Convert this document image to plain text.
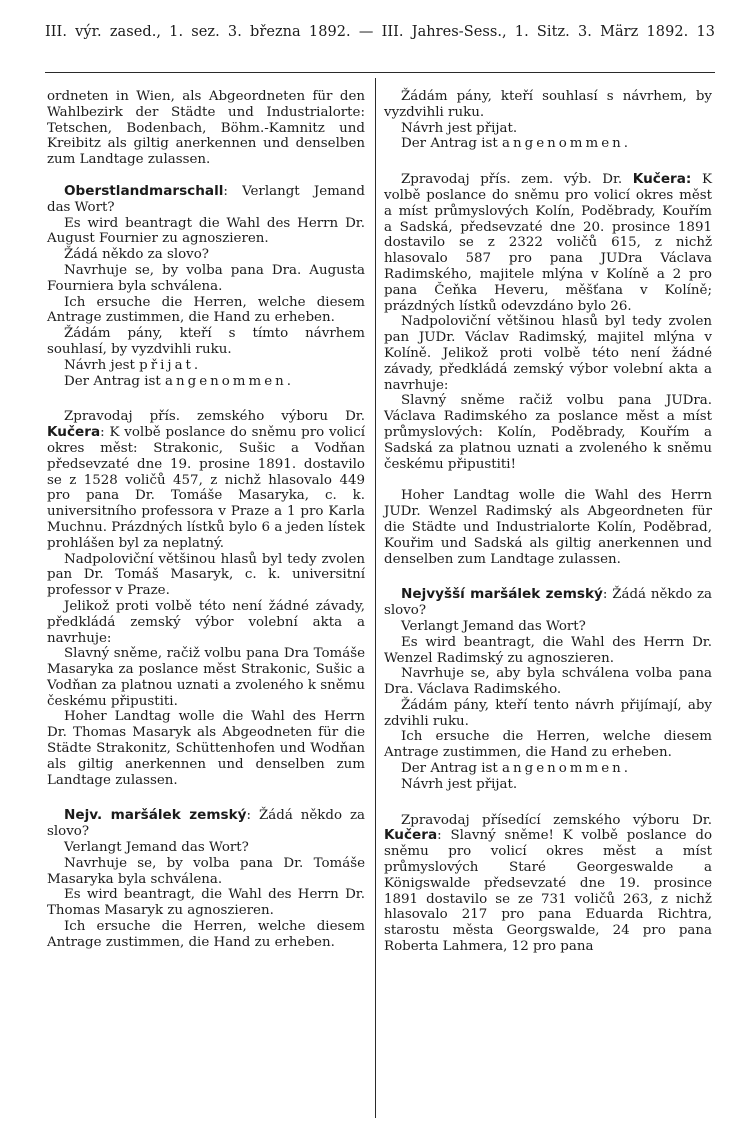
III. výr. zased., 1. sez. 3. března 1892. — III. Jahres-Sess., 1. Sitz. 3. März 1892. 13

ordneten in Wien, als Abgeordneten für den Wahlbezirk der Städte und Industrialorte: Tetschen, Bodenbach, Böhm.-Kamnitz und Kreibitz als giltig anerkennen und denselben zum Landtage zulassen.

Oberstlandmarschall: Verlangt Jemand das Wort?

Es wird beantragt die Wahl des Herrn Dr. August Fournier zu agnoszieren.

Žádá někdo za slovo?

Navrhuje se, by volba pana Dra. Augusta Fourniera byla schválena.

Ich ersuche die Herren, welche diesem Antrage zustimmen, die Hand zu erheben.

Žádám pány, kteří s tímto návrhem souhlasí, by vyzdvihli ruku.

Návrh jest přijat.

Der Antrag ist angenommen.

Zpravodaj přís. zemského výboru Dr. Kučera: K volbě poslance do sněmu pro volicí okres měst: Strakonic, Sušic a Vodňan předsevzaté dne 19. prosine 1891. dostavilo se z 1528 voličů 457, z nichž hlasovalo 449 pro pana Dr. Tomáše Masaryka, c. k. universitního professora v Praze a 1 pro Karla Muchnu. Prázdných lístků bylo 6 a jeden lístek prohlášen byl za neplatný.

Nadpoloviční většinou hlasů byl tedy zvolen pan Dr. Tomáš Masaryk, c. k. universitní professor v Praze.

Jelikož proti volbě této není žádné závady, předkládá zemský výbor volební akta a navrhuje:

Slavný sněme, račiž volbu pana Dra Tomáše Masaryka za poslance měst Strakonic, Sušic a Vodňan za platnou uznati a zvoleného k sněmu českému připustiti.

Hoher Landtag wolle die Wahl des Herrn Dr. Thomas Masaryk als Abgeodneten für die Städte Strakonitz, Schüttenhofen und Wodňan als giltig anerkennen und denselben zum Landtage zulassen.

Nejv. maršálek zemský: Žádá někdo za slovo?

Verlangt Jemand das Wort?

Navrhuje se, by volba pana Dr. Tomáše Masaryka byla schválena.

Es wird beantragt, die Wahl des Herrn Dr. Thomas Masaryk zu agnoszieren.

Ich ersuche die Herren, welche diesem Antrage zustimmen, die Hand zu erheben.

Žádám pány, kteří souhlasí s návrhem, by vyzdvihli ruku.

Návrh jest přijat.

Der Antrag ist angenommen.

Zpravodaj přís. zem. výb. Dr. Kučera: K volbě poslance do sněmu pro volicí okres měst a míst průmyslových Kolín, Poděbrady, Kouřím a Sadská, předsevzaté dne 20. prosince 1891 dostavilo se z 2322 voličů 615, z nichž hlasovalo 587 pro pana JUDra Václava Radimského, majitele mlýna v Kolíně a 2 pro pana Čeňka Heveru, měšťana v Kolíně; prázdných lístků odevzdáno bylo 26.

Nadpoloviční většinou hlasů byl tedy zvolen pan JUDr. Václav Radimský, majitel mlýna v Kolíně. Jelikož proti volbě této není žádné závady, předkládá zemský výbor volební akta a navrhuje:

Slavný sněme račiž volbu pana JUDra. Václava Radimského za poslance měst a míst průmyslových: Kolín, Poděbrady, Kouřím a Sadská za platnou uznati a zvoleného k sněmu českému připustiti!

Hoher Landtag wolle die Wahl des Herrn JUDr. Wenzel Radimský als Abgeordneten für die Städte und Industrialorte Kolín, Poděbrad, Kouřim und Sadská als giltig anerkennen und denselben zum Landtage zulassen.

Nejvyšší maršálek zemský: Žádá někdo za slovo?

Verlangt Jemand das Wort?

Es wird beantragt, die Wahl des Herrn Dr. Wenzel Radimský zu agnoszieren.

Navrhuje se, aby byla schválena volba pana Dra. Václava Radimského.

Žádám pány, kteří tento návrh přijímají, aby zdvihli ruku.

Ich ersuche die Herren, welche diesem Antrage zustimmen, die Hand zu erheben.

Der Antrag ist angenommen.

Návrh jest přijat.

Zpravodaj přísedící zemského výboru Dr. Kučera: Slavný sněme! K volbě poslance do sněmu pro volicí okres měst a míst průmyslových Staré Georgeswalde a Königswalde předsevzaté dne 19. prosince 1891 dostavilo se ze 731 voličů 263, z nichž hlasovalo 217 pro pana Eduarda Richtra, starostu města Georgswalde, 24 pro pana Roberta Lahmera, 12 pro pana
